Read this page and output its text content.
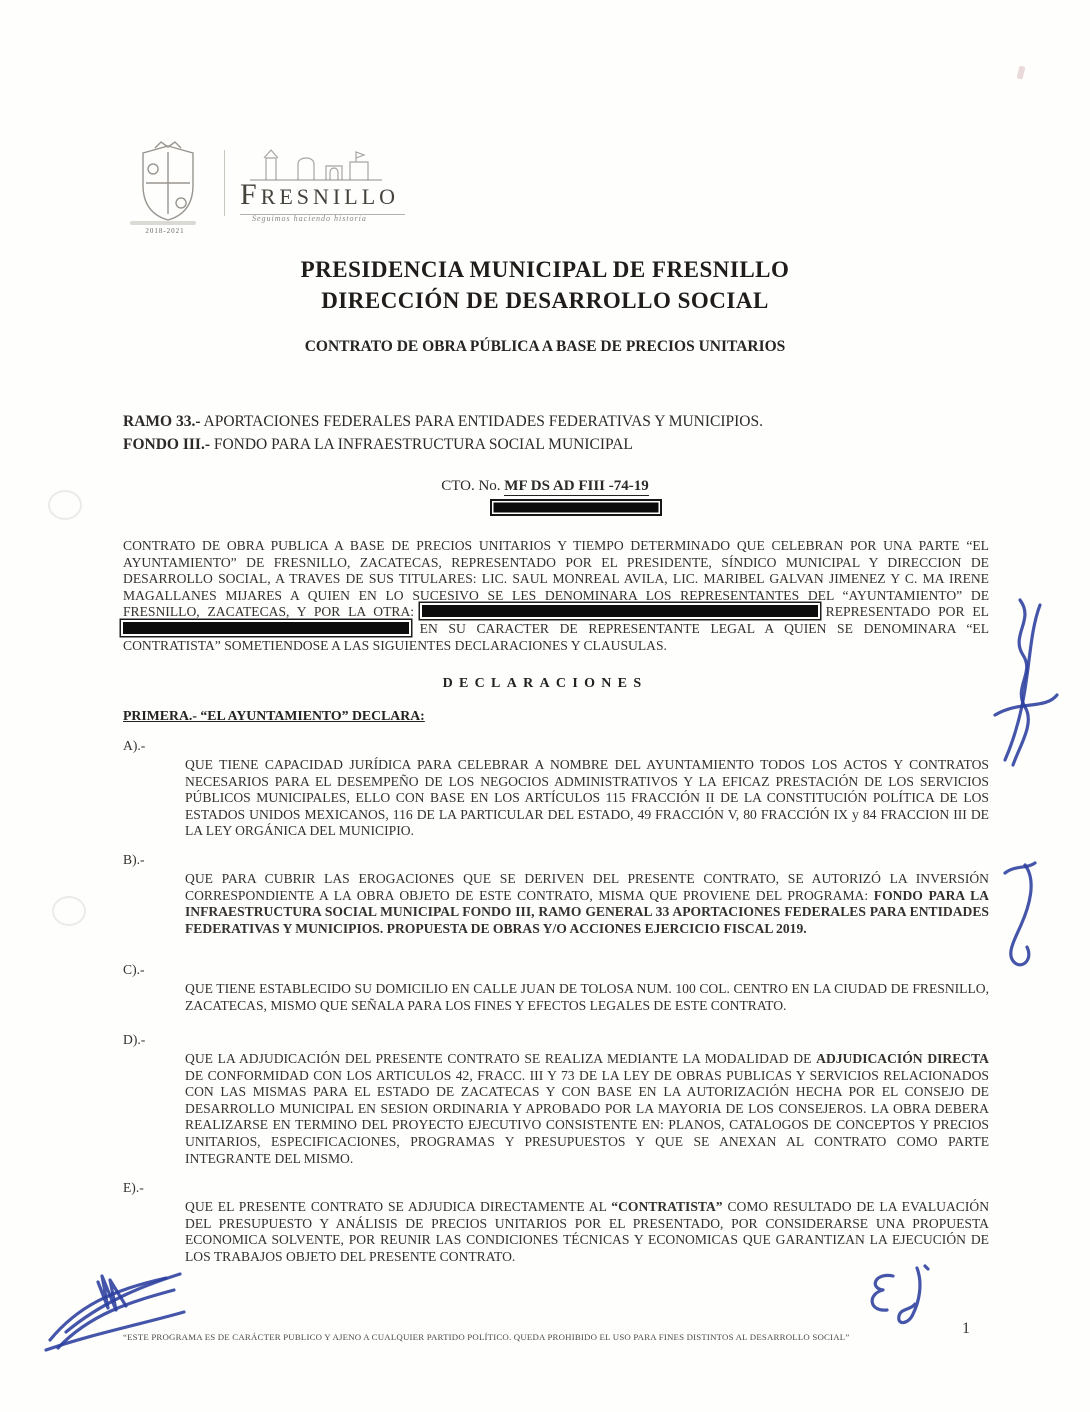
2018-2021
FRESNILLO
Seguimos haciendo historia
PRESIDENCIA MUNICIPAL DE FRESNILLO
DIRECCIÓN DE DESARROLLO SOCIAL
CONTRATO DE OBRA PÚBLICA A BASE DE PRECIOS UNITARIOS
RAMO 33.- APORTACIONES FEDERALES PARA ENTIDADES FEDERATIVAS Y MUNICIPIOS.
FONDO III.- FONDO PARA LA INFRAESTRUCTURA SOCIAL MUNICIPAL
CTO. No. MF DS AD FIII -74-19

CONTRATO DE OBRA PUBLICA A BASE DE PRECIOS UNITARIOS Y TIEMPO DETERMINADO QUE CELEBRAN POR UNA PARTE “EL AYUNTAMIENTO” DE FRESNILLO, ZACATECAS, REPRESENTADO POR EL PRESIDENTE, SÍNDICO MUNICIPAL Y DIRECCION DE DESARROLLO SOCIAL, A TRAVES DE SUS TITULARES: LIC. SAUL MONREAL AVILA, LIC. MARIBEL GALVAN JIMENEZ Y C. MA IRENE MAGALLANES MIJARES A QUIEN EN LO SUCESIVO SE LES DENOMINARA LOS REPRESENTANTES DEL “AYUNTAMIENTO” DE FRESNILLO, ZACATECAS, Y POR LA OTRA:	REPRESENTADO POR EL  EN SU CARACTER DE REPRESENTANTE LEGAL A QUIEN SE DENOMINARA “EL CONTRATISTA” SOMETIENDOSE A LAS SIGUIENTES DECLARACIONES Y CLAUSULAS.

DECLARACIONES
PRIMERA.- “EL AYUNTAMIENTO” DECLARA:
A).-

QUE TIENE CAPACIDAD JURÍDICA PARA CELEBRAR A NOMBRE DEL AYUNTAMIENTO TODOS LOS ACTOS Y CONTRATOS NECESARIOS PARA EL DESEMPEÑO DE LOS NEGOCIOS ADMINISTRATIVOS Y LA EFICAZ PRESTACIÓN DE LOS SERVICIOS PÚBLICOS MUNICIPALES, ELLO CON BASE EN LOS ARTÍCULOS 115 FRACCIÓN II DE LA CONSTITUCIÓN POLÍTICA DE LOS ESTADOS UNIDOS MEXICANOS, 116 DE LA PARTICULAR DEL ESTADO, 49 FRACCIÓN V, 80 FRACCIÓN IX y 84 FRACCION III DE LA LEY ORGÁNICA DEL MUNICIPIO.

B).-

QUE PARA CUBRIR LAS EROGACIONES QUE SE DERIVEN DEL PRESENTE CONTRATO, SE AUTORIZÓ LA INVERSIÓN CORRESPONDIENTE A LA OBRA OBJETO DE ESTE CONTRATO, MISMA QUE PROVIENE DEL PROGRAMA: FONDO PARA LA INFRAESTRUCTURA SOCIAL MUNICIPAL FONDO III, RAMO GENERAL 33 APORTACIONES FEDERALES PARA ENTIDADES FEDERATIVAS Y MUNICIPIOS. PROPUESTA DE OBRAS Y/O ACCIONES EJERCICIO FISCAL 2019.

C).-

QUE TIENE ESTABLECIDO SU DOMICILIO EN CALLE JUAN DE TOLOSA NUM. 100 COL. CENTRO EN LA CIUDAD DE FRESNILLO, ZACATECAS, MISMO QUE SEÑALA PARA LOS FINES Y EFECTOS LEGALES DE ESTE CONTRATO.

D).-

QUE LA ADJUDICACIÓN DEL PRESENTE CONTRATO SE REALIZA MEDIANTE LA MODALIDAD DE ADJUDICACIÓN DIRECTA DE CONFORMIDAD CON LOS ARTICULOS 42, FRACC. III Y 73 DE LA LEY DE OBRAS PUBLICAS Y SERVICIOS RELACIONADOS CON LAS MISMAS PARA EL ESTADO DE ZACATECAS Y CON BASE EN LA AUTORIZACIÓN HECHA POR EL CONSEJO DE DESARROLLO MUNICIPAL EN SESION ORDINARIA Y APROBADO POR LA MAYORIA DE LOS CONSEJEROS. LA OBRA DEBERA REALIZARSE EN TERMINO DEL PROYECTO EJECUTIVO CONSISTENTE EN: PLANOS, CATALOGOS DE CONCEPTOS Y PRECIOS UNITARIOS, ESPECIFICACIONES, PROGRAMAS Y PRESUPUESTOS Y QUE SE ANEXAN AL CONTRATO COMO PARTE INTEGRANTE DEL MISMO.

E).-

QUE EL PRESENTE CONTRATO SE ADJUDICA DIRECTAMENTE AL “CONTRATISTA” COMO RESULTADO DE LA EVALUACIÓN DEL PRESUPUESTO Y ANÁLISIS DE PRECIOS UNITARIOS POR EL PRESENTADO, POR CONSIDERARSE UNA PROPUESTA ECONOMICA SOLVENTE, POR REUNIR LAS CONDICIONES TÉCNICAS Y ECONOMICAS QUE GARANTIZAN LA EJECUCIÓN DE LOS TRABAJOS OBJETO DEL PRESENTE CONTRATO.

“ESTE PROGRAMA ES DE CARÁCTER PUBLICO Y AJENO A CUALQUIER PARTIDO POLÍTICO. QUEDA PROHIBIDO EL USO PARA FINES DISTINTOS AL DESARROLLO SOCIAL”	1
